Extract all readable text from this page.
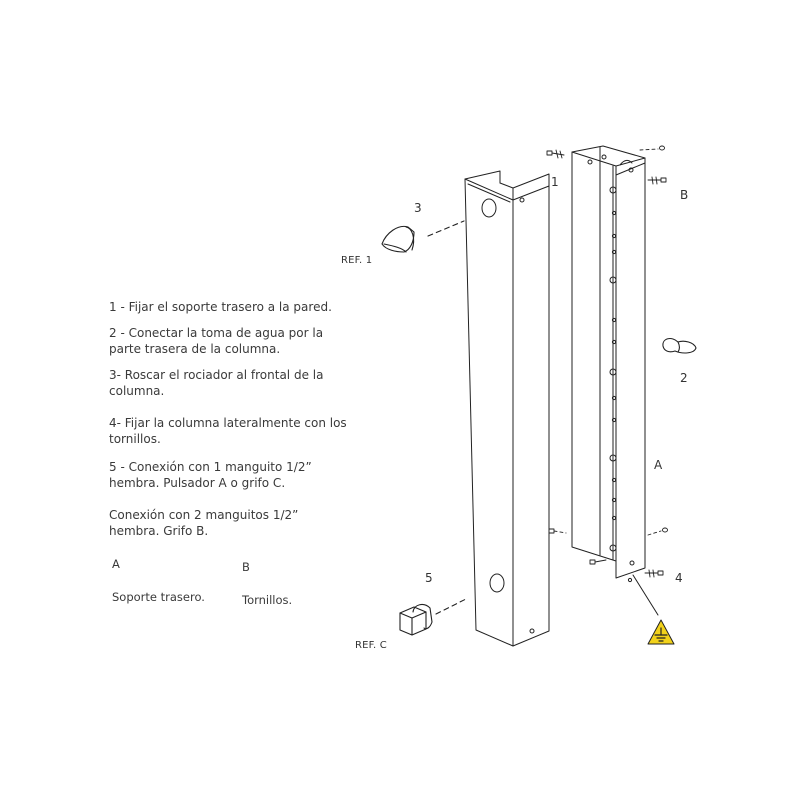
1 - Fijar el soporte trasero a la pared.

2 - Conectar la toma de agua por la parte trasera de la columna.

3- Roscar el rociador al frontal de la columna.

4- Fijar la columna lateralmente con los tornillos.

5 - Conexión con 1 manguito 1/2” hembra. Pulsador A o grifo C.

Conexión con 2 manguitos 1/2” hembra. Grifo B.

A	B
Soporte trasero.	Tornillos.
1
2
3
4
5
A
B
REF. 1
REF. C
